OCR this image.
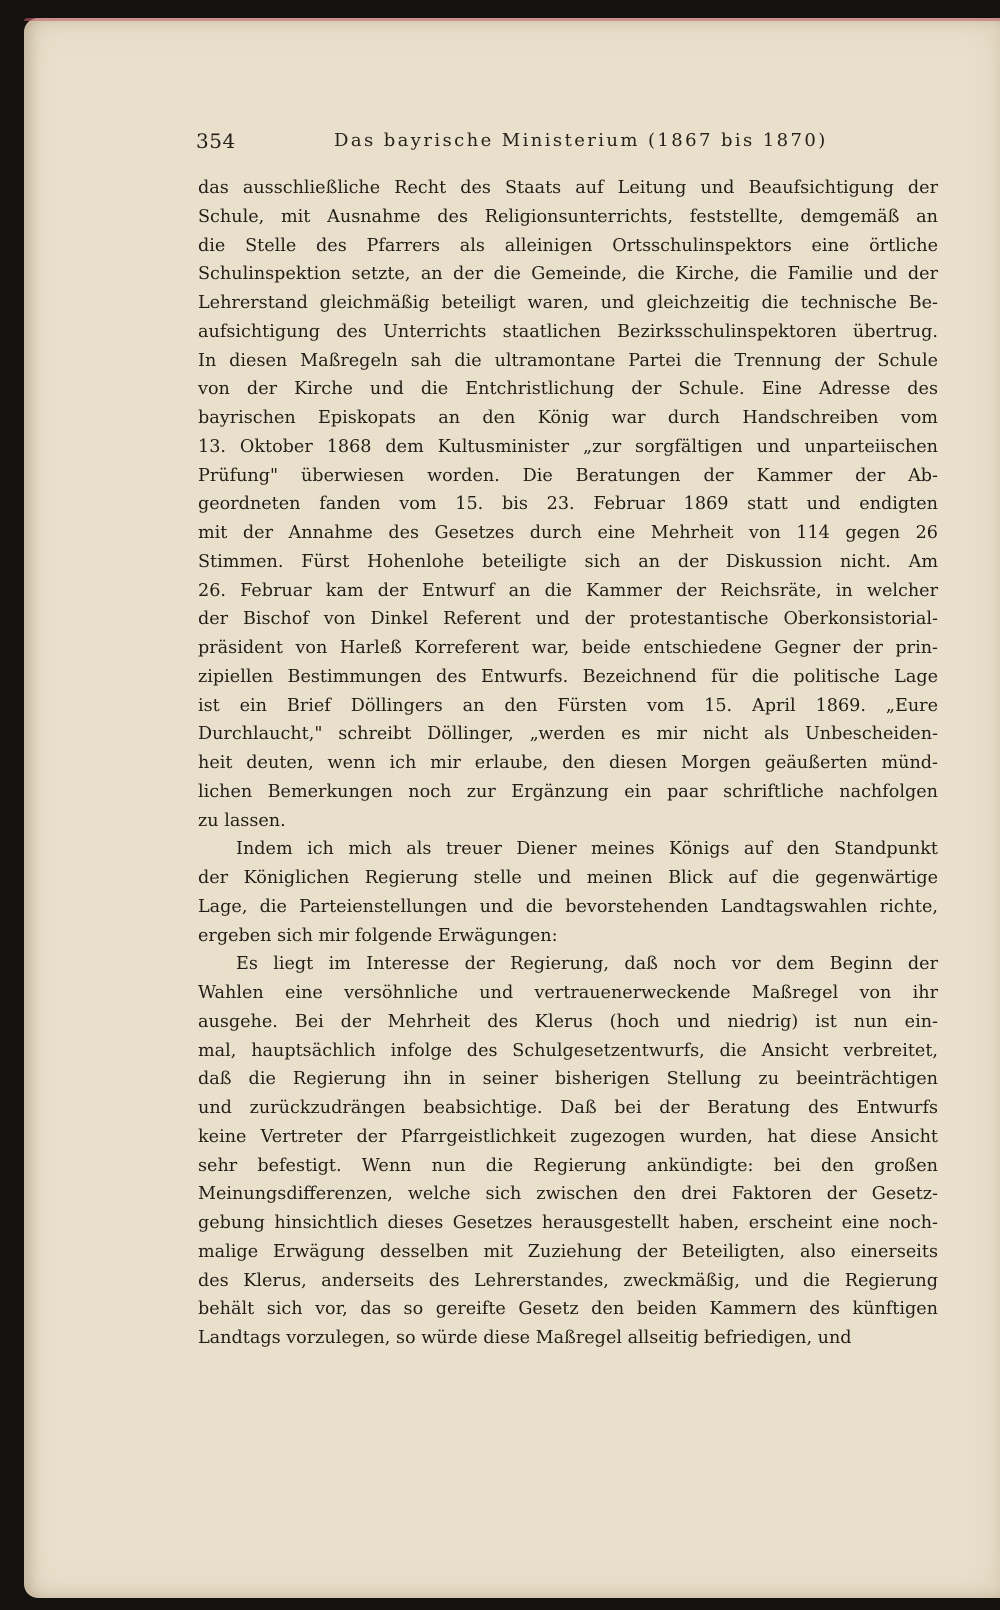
354	Das bayrische Ministerium (1867 bis 1870)
das ausschließliche Recht des Staats auf Leitung und Beaufsichtigung der
Schule, mit Ausnahme des Religionsunterrichts, feststellte, demgemäß an
die Stelle des Pfarrers als alleinigen Ortsschulinspektors eine örtliche
Schulinspektion setzte, an der die Gemeinde, die Kirche, die Familie und der
Lehrerstand gleichmäßig beteiligt waren, und gleichzeitig die technische Be-
aufsichtigung des Unterrichts staatlichen Bezirksschulinspektoren übertrug.
In diesen Maßregeln sah die ultramontane Partei die Trennung der Schule
von der Kirche und die Entchristlichung der Schule. Eine Adresse des
bayrischen Episkopats an den König war durch Handschreiben vom
13. Oktober 1868 dem Kultusminister „zur sorgfältigen und unparteiischen
Prüfung" überwiesen worden. Die Beratungen der Kammer der Ab-
geordneten fanden vom 15. bis 23. Februar 1869 statt und endigten
mit der Annahme des Gesetzes durch eine Mehrheit von 114 gegen 26
Stimmen. Fürst Hohenlohe beteiligte sich an der Diskussion nicht. Am
26. Februar kam der Entwurf an die Kammer der Reichsräte, in welcher
der Bischof von Dinkel Referent und der protestantische Oberkonsistorial-
präsident von Harleß Korreferent war, beide entschiedene Gegner der prin-
zipiellen Bestimmungen des Entwurfs. Bezeichnend für die politische Lage
ist ein Brief Döllingers an den Fürsten vom 15. April 1869. „Eure
Durchlaucht," schreibt Döllinger, „werden es mir nicht als Unbescheiden-
heit deuten, wenn ich mir erlaube, den diesen Morgen geäußerten münd-
lichen Bemerkungen noch zur Ergänzung ein paar schriftliche nachfolgen
zu lassen.
Indem ich mich als treuer Diener meines Königs auf den Standpunkt
der Königlichen Regierung stelle und meinen Blick auf die gegenwärtige
Lage, die Parteienstellungen und die bevorstehenden Landtagswahlen richte,
ergeben sich mir folgende Erwägungen:
Es liegt im Interesse der Regierung, daß noch vor dem Beginn der
Wahlen eine versöhnliche und vertrauenerweckende Maßregel von ihr
ausgehe. Bei der Mehrheit des Klerus (hoch und niedrig) ist nun ein-
mal, hauptsächlich infolge des Schulgesetzentwurfs, die Ansicht verbreitet,
daß die Regierung ihn in seiner bisherigen Stellung zu beeinträchtigen
und zurückzudrängen beabsichtige. Daß bei der Beratung des Entwurfs
keine Vertreter der Pfarrgeistlichkeit zugezogen wurden, hat diese Ansicht
sehr befestigt. Wenn nun die Regierung ankündigte: bei den großen
Meinungsdifferenzen, welche sich zwischen den drei Faktoren der Gesetz-
gebung hinsichtlich dieses Gesetzes herausgestellt haben, erscheint eine noch-
malige Erwägung desselben mit Zuziehung der Beteiligten, also einerseits
des Klerus, anderseits des Lehrerstandes, zweckmäßig, und die Regierung
behält sich vor, das so gereifte Gesetz den beiden Kammern des künftigen
Landtags vorzulegen, so würde diese Maßregel allseitig befriedigen, und
